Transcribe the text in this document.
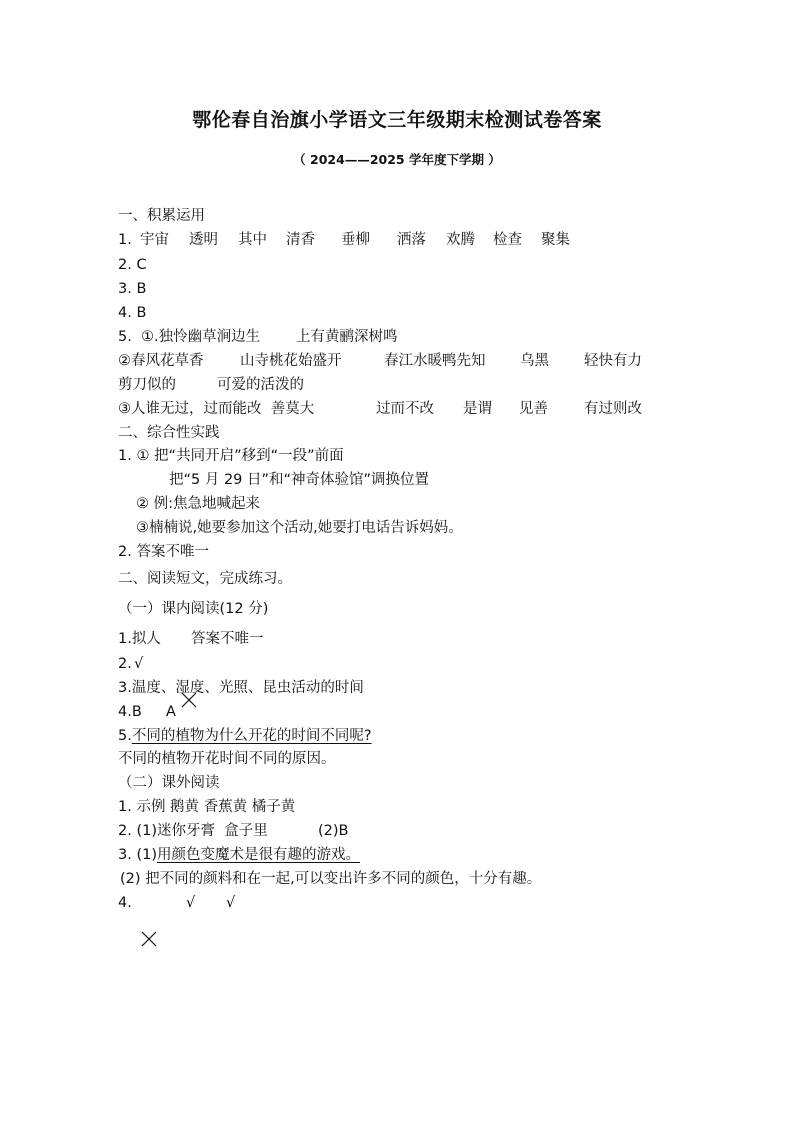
鄂伦春自治旗小学语文三年级期末检测试卷答案
（ 2024——2025 学年度下学期 ）
一、积累运用
1. 宇宙 透明 其中 清香 垂柳 洒落 欢腾 检查 聚集
2. C
3. B
4. B
5.  ①.独怜幽草涧边生 上有黄鹂深树鸣
②春风花草香	山寺桃花始盛开	春江水暖鸭先知 乌黑 轻快有力
剪刀似的	可爱的活泼的
③人谁无过，过而能改  善莫大	过而不改 是谓 见善 有过则改
二、综合性实践
1. ① 把“共同开启”移到“一段”前面
把“5 月 29 日”和“神奇体验馆”调换位置
② 例:焦急地喊起来
③楠楠说,她要参加这个活动,她要打电话告诉妈妈。
2. 答案不唯一
二、阅读短文，完成练习。
（一）课内阅读(12 分)
1.拟人 答案不唯一
2. √

3.温度、湿度、光照、昆虫活动的时间
4.B A
5.不同的植物为什么开花的时间不同呢?
不同的植物开花时间不同的原因。
（二）课外阅读
1. 示例 鹅黄 香蕉黄 橘子黄
2. (1)迷你牙膏  盒子里	(2)B
3. (1)用颜色变魔术是很有趣的游戏。
(2) 把不同的颜料和在一起,可以变出许多不同的颜色，十分有趣。
4.

	√ √
